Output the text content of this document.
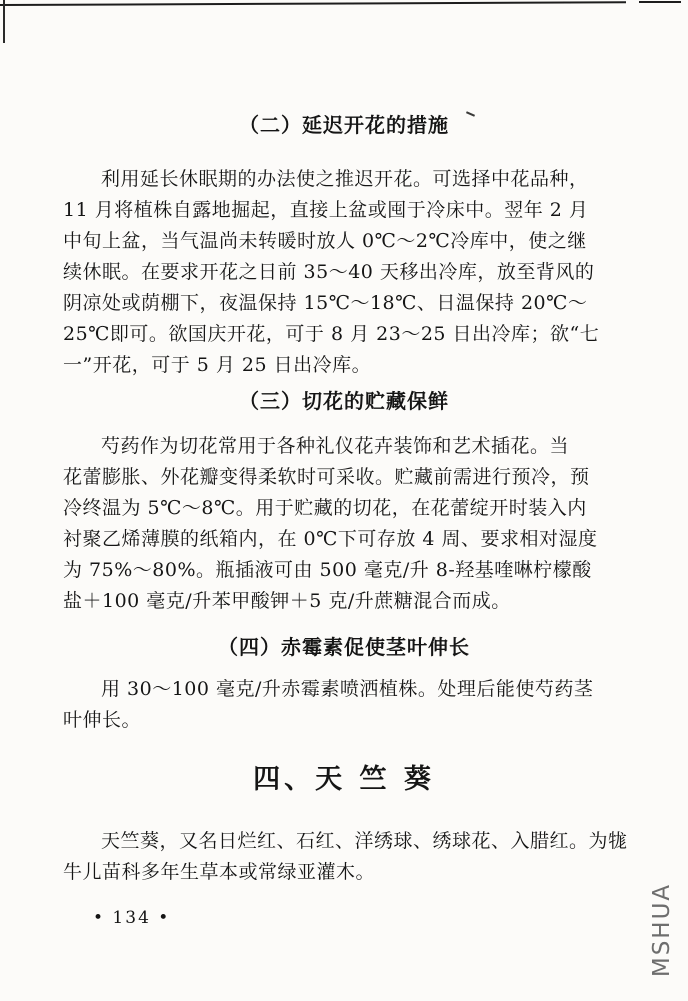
（二）延迟开花的措施
利用延长休眠期的办法使之推迟开花。可选择中花品种，
11 月将植株自露地掘起，直接上盆或囤于冷床中。翌年 2 月
中旬上盆，当气温尚未转暖时放人 0℃～2℃冷库中，使之继
续休眠。在要求开花之日前 35～40 天移出冷库，放至背风的
阴凉处或荫棚下，夜温保持 15℃～18℃、日温保持 20℃～
25℃即可。欲国庆开花，可于 8 月 23～25 日出冷库；欲“七
一”开花，可于 5 月 25 日出冷库。
（三）切花的贮藏保鲜
芍药作为切花常用于各种礼仪花卉装饰和艺术插花。当
花蕾膨胀、外花瓣变得柔软时可采收。贮藏前需进行预冷，预
冷终温为 5℃～8℃。用于贮藏的切花，在花蕾绽开时装入内
衬聚乙烯薄膜的纸箱内，在 0℃下可存放 4 周、要求相对湿度
为 75%～80%。瓶插液可由 500 毫克/升 8-羟基喹啉柠檬酸
盐＋100 毫克/升苯甲酸钾＋5 克/升蔗糖混合而成。
（四）赤霉素促使茎叶伸长
用 30～100 毫克/升赤霉素喷洒植株。处理后能使芍药茎
叶伸长。
四、天 竺 葵
天竺葵，又名日烂红、石红、洋绣球、绣球花、入腊红。为牻
牛儿苗科多年生草本或常绿亚灌木。
• 134 •	MSHUA
